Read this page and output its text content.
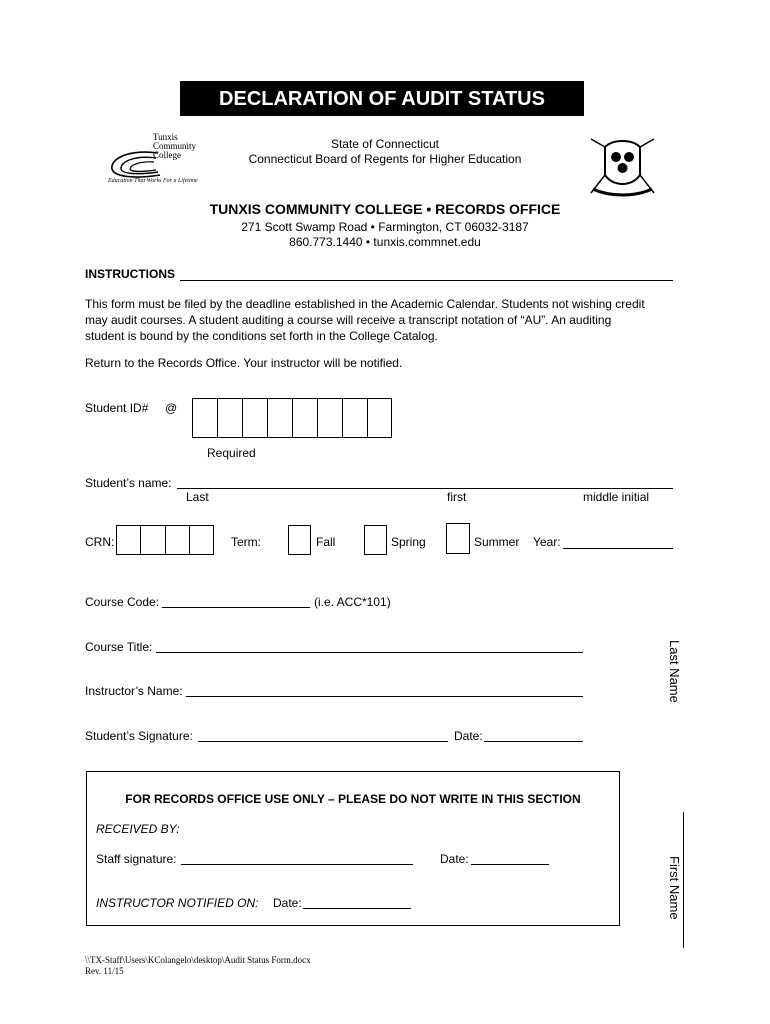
DECLARATION OF AUDIT STATUS
Tunxis
Community
College
Education That Works For a Lifetime
State of Connecticut
Connecticut Board of Regents for Higher Education
TUNXIS COMMUNITY COLLEGE • RECORDS OFFICE
271 Scott Swamp Road • Farmington, CT 06032-3187
860.773.1440 • tunxis.commnet.edu
INSTRUCTIONS
This form must be filed by the deadline established in the Academic Calendar. Students not wishing credit
may audit courses. A student auditing a course will receive a transcript notation of “AU”. An auditing
student is bound by the conditions set forth in the College Catalog.
Return to the Records Office. Your instructor will be notified.
Student ID# @
Required
Student’s name:
Last	first	middle initial
CRN:	Term:	Fall	Spring	Summer Year:
Course Code:	(i.e. ACC*101)
Course Title:
Instructor’s Name:
Student’s Signature:	Date:
Last Name
First Name
FOR RECORDS OFFICE USE ONLY – PLEASE DO NOT WRITE IN THIS SECTION
RECEIVED BY:
Staff signature:	Date:
INSTRUCTOR NOTIFIED ON: Date:
\\TX-Staff\Users\KColangelo\desktop\Audit Status Form.docx
Rev. 11/15
